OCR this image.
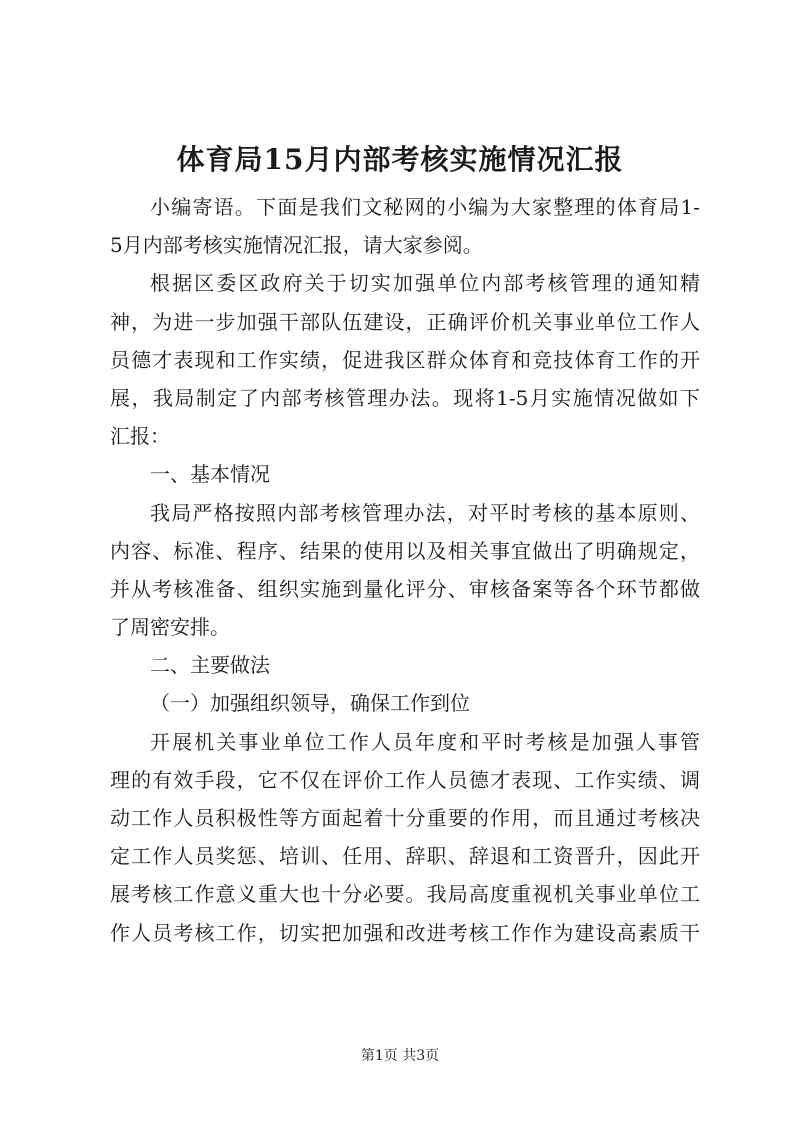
体育局15月内部考核实施情况汇报
小编寄语。下面是我们文秘网的小编为大家整理的体育局1-
5月内部考核实施情况汇报，请大家参阅。
根据区委区政府关于切实加强单位内部考核管理的通知精
神，为进一步加强干部队伍建设，正确评价机关事业单位工作人
员德才表现和工作实绩，促进我区群众体育和竞技体育工作的开
展，我局制定了内部考核管理办法。现将1-5月实施情况做如下
汇报：
一、基本情况
我局严格按照内部考核管理办法，对平时考核的基本原则、
内容、标准、程序、结果的使用以及相关事宜做出了明确规定，
并从考核准备、组织实施到量化评分、审核备案等各个环节都做
了周密安排。
二、主要做法
（一）加强组织领导，确保工作到位
开展机关事业单位工作人员年度和平时考核是加强人事管
理的有效手段，它不仅在评价工作人员德才表现、工作实绩、调
动工作人员积极性等方面起着十分重要的作用，而且通过考核决
定工作人员奖惩、培训、任用、辞职、辞退和工资晋升，因此开
展考核工作意义重大也十分必要。我局高度重视机关事业单位工
作人员考核工作，切实把加强和改进考核工作作为建设高素质干
第1页 共3页
